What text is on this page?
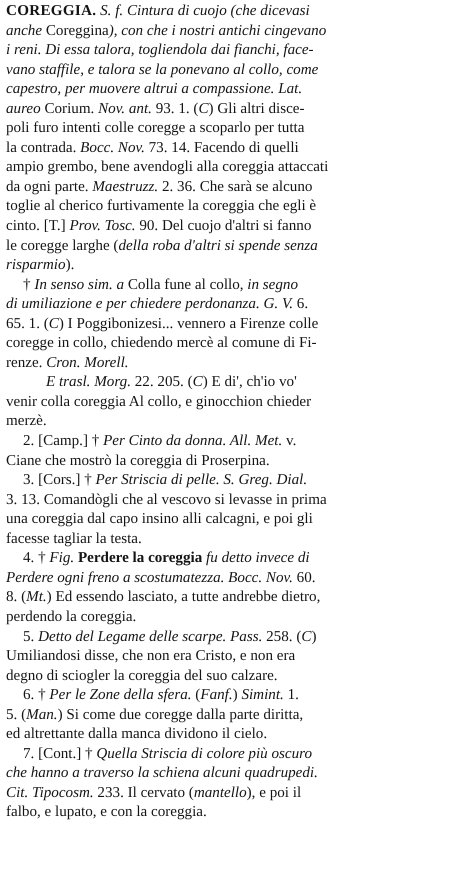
COREGGIA. S. f. Cintura di cuojo (che dicevasi
anche Coreggina), con che i nostri antichi cingevano
i reni. Di essa talora, togliendola dai fianchi, face-
vano staffile, e talora se la ponevano al collo, come
capestro, per muovere altrui a compassione. Lat.
aureo Corium. Nov. ant. 93. 1. (C) Gli altri disce-
poli furo intenti colle coregge a scoparlo per tutta
la contrada. Bocc. Nov. 73. 14. Facendo di quelli
ampio grembo, bene avendogli alla coreggia attaccati
da ogni parte. Maestruzz. 2. 36. Che sarà se alcuno
toglie al cherico furtivamente la coreggia che egli è
cinto. [T.] Prov. Tosc. 90. Del cuojo d'altri si fanno
le coregge larghe (della roba d'altri si spende senza
risparmio).
† In senso sim. a Colla fune al collo, in segno
di umiliazione e per chiedere perdonanza. G. V. 6.
65. 1. (C) I Poggibonizesi... vennero a Firenze colle
coregge in collo, chiedendo mercè al comune di Fi-
renze. Cron. Morell.
E trasl. Morg. 22. 205. (C) E di', ch'io vo'
venir colla coreggia Al collo, e ginocchion chieder
merzè.
2. [Camp.] † Per Cinto da donna. All. Met. v.
Ciane che mostrò la coreggia di Proserpina.
3. [Cors.] † Per Striscia di pelle. S. Greg. Dial.
3. 13. Comandògli che al vescovo si levasse in prima
una coreggia dal capo insino alli calcagni, e poi gli
facesse tagliar la testa.
4. † Fig. Perdere la coreggia fu detto invece di
Perdere ogni freno a scostumatezza. Bocc. Nov. 60.
8. (Mt.) Ed essendo lasciato, a tutte andrebbe dietro,
perdendo la coreggia.
5. Detto del Legame delle scarpe. Pass. 258. (C)
Umiliandosi disse, che non era Cristo, e non era
degno di sciogler la coreggia del suo calzare.
6. † Per le Zone della sfera. (Fanf.) Simint. 1.
5. (Man.) Si come due coregge dalla parte diritta,
ed altrettante dalla manca dividono il cielo.
7. [Cont.] † Quella Striscia di colore più oscuro
che hanno a traverso la schiena alcuni quadrupedi.
Cit. Tipocosm. 233. Il cervato (mantello), e poi il
falbo, e lupato, e con la coreggia.
